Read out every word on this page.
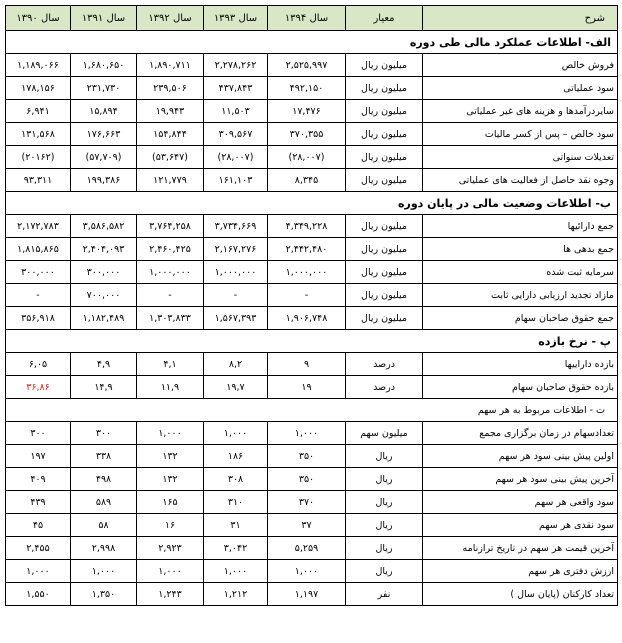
شرح	معیار	سال ۱۳۹۴	سال ۱۳۹۳	سال ۱۳۹۲	سال ۱۳۹۱	سال ۱۳۹۰
الف- اطلاعات عملکرد مالی طی دوره						
فروش خالص	میلیون ریال	۲,۵۲۵,۹۹۷	۲,۲۷۸,۲۶۲	۱,۸۹۰,۷۱۱	۱,۶۸۰,۶۵۰	۱,۱۸۹,۰۶۶
سود عملیاتی	میلیون ریال	۴۹۲,۱۵۰	۴۳۷,۸۴۳	۲۳۹,۵۰۶	۲۳۱,۷۳۰	۱۷۸,۱۵۶
سایردرآمدها و هزینه های غیر عملیاتی	میلیون ریال	۱۷,۴۷۶	۱۱,۵۰۳	۱۹,۹۴۳	۱۵,۸۹۴	۶,۹۴۱
سود خالص – پس از کسر مالیات	میلیون ریال	۳۷۰,۳۵۵	۳۰۹,۵۶۷	۱۵۴,۸۴۴	۱۷۶,۶۶۳	۱۳۱,۵۶۸
تعدیلات سنواتی	میلیون ریال	(۲۸,۰۰۷)	(۲۸,۰۰۷)	(۵۳,۶۴۷)	(۵۷,۷۰۹)	(۲۰۱۶۲)
وجوه نقد حاصل از فعالیت های عملیاتی	میلیون ریال	۸,۳۴۵	۱۶۱,۱۰۳	۱۲۱,۷۷۹	۱۹۹,۳۸۶	۹۳,۳۱۱
ب- اطلاعات وضعیت مالی در پایان دوره						
جمع دارائیها	میلیون ریال	۴,۳۴۹,۲۲۸	۳,۷۳۴,۶۶۹	۳,۷۶۴,۲۵۸	۳,۵۸۶,۵۸۲	۲,۱۷۲,۷۸۳
جمع بدهی ها	میلیون ریال	۲,۴۴۲,۴۸۰	۲,۱۶۷,۲۷۶	۲,۴۶۰,۴۲۵	۲,۴۰۴,۰۹۳	۱,۸۱۵,۸۶۵
سرمایه ثبت شده	میلیون ریال	۱,۰۰۰,۰۰۰	۱,۰۰۰,۰۰۰	۱,۰۰۰,۰۰۰	۳۰۰,۰۰۰	۳۰۰,۰۰۰
مازاد تجدید ارزیابی دارایی ثابت	میلیون ریال	-	-	-	۷۰۰,۰۰۰	-
جمع حقوق صاحبان سهام	میلیون ریال	۱,۹۰۶,۷۴۸	۱,۵۶۷,۳۹۳	۱,۳۰۳,۸۳۳	۱,۱۸۲,۴۸۹	۳۵۶,۹۱۸
پ - نرخ بازده						
بازده داراییها	درصد	۹	۸,۲	۴,۱	۴,۹	۶,۰۵
بازده حقوق صاحبان سهام	درصد	۱۹	۱۹,۷	۱۱,۹	۱۴,۹	۳۶,۸۶
ت - اطلاعات مربوط به هر سهم						
تعدادسهام در زمان برگزاری مجمع	میلیون سهم	۱,۰۰۰	۱,۰۰۰	۱,۰۰۰	۳۰۰	۳۰۰
اولین پیش بینی سود هر سهم	ریال	۳۵۰	۱۸۶	۱۳۲	۳۳۸	۱۹۷
آخرین پیش بینی سود هر سهم	ریال	۳۵۰	۳۰۸	۱۳۲	۴۹۸	۴۰۹
سود واقعی هر سهم	ریال	۳۷۰	۳۱۰	۱۶۵	۵۸۹	۴۳۹
سود نقدی هر سهم	ریال	۳۷	۳۱	۱۶	۵۸	۴۵
آخرین قیمت هر سهم در تاریخ ترازنامه	ریال	۵,۲۵۹	۳,۰۴۲	۲,۹۲۳	۲,۹۹۸	۲,۴۵۵
ارزش دفتری هر سهم	ریال	۱,۰۰۰	۱,۰۰۰	۱,۰۰۰	۱,۰۰۰	۱,۰۰۰
تعداد کارکنان (پایان سال )	نفر	۱,۱۹۷	۱,۲۱۲	۱,۲۴۳	۱,۳۵۰	۱,۵۵۰
